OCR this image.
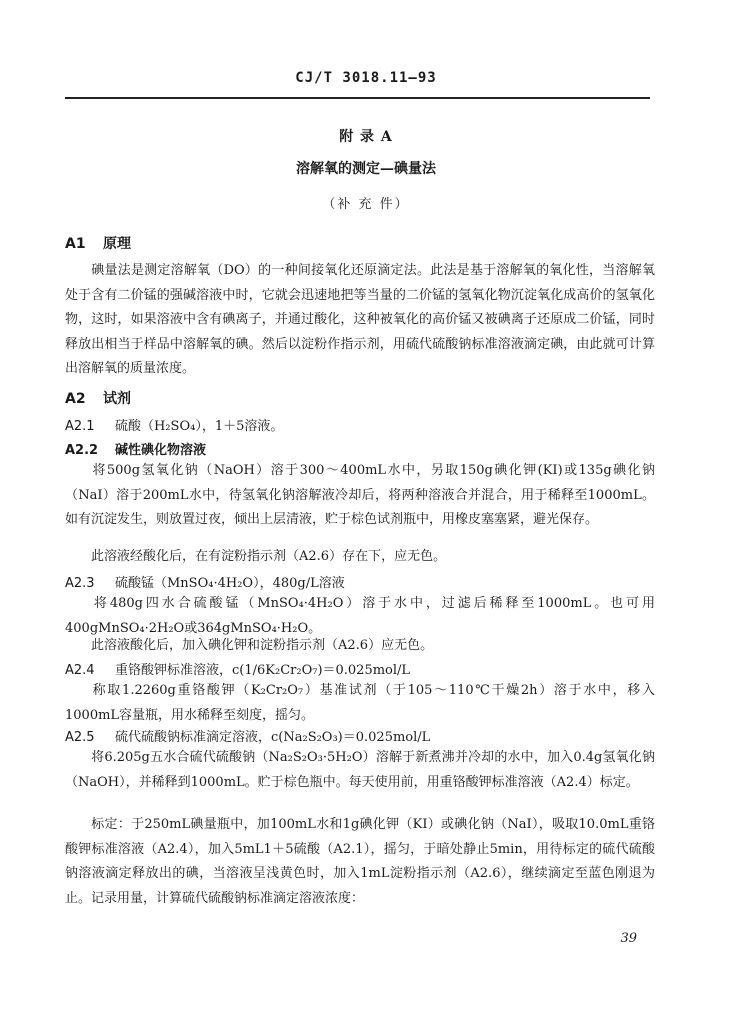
CJ/T 3018.11—93
附 录 A
溶解氧的测定—碘量法
（补 充 件）
A1 原理
碘量法是测定溶解氧（DO）的一种间接氧化还原滴定法。此法是基于溶解氧的氧化性，当溶解氧处于含有二价锰的强碱溶液中时，它就会迅速地把等当量的二价锰的氢氧化物沉淀氧化成高价的氢氧化物，这时，如果溶液中含有碘离子，并通过酸化，这种被氧化的高价锰又被碘离子还原成二价锰，同时释放出相当于样品中溶解氧的碘。然后以淀粉作指示剂，用硫代硫酸钠标准溶液滴定碘，由此就可计算出溶解氧的质量浓度。
A2 试剂
A2.1 硫酸（H₂SO₄），1＋5溶液。
A2.2 碱性碘化物溶液
将500g氢氧化钠（NaOH）溶于300～400mL水中，另取150g碘化钾(KI)或135g碘化钠（NaI）溶于200mL水中，待氢氧化钠溶解液冷却后，将两种溶液合并混合，用于稀释至1000mL。如有沉淀发生，则放置过夜，倾出上层清液，贮于棕色试剂瓶中，用橡皮塞塞紧，避光保存。
此溶液经酸化后，在有淀粉指示剂（A2.6）存在下，应无色。
A2.3 硫酸锰（MnSO₄·4H₂O），480g/L溶液
将480g四水合硫酸锰（MnSO₄·4H₂O）溶于水中，过滤后稀释至1000mL。也可用400gMnSO₄·2H₂O或364gMnSO₄·H₂O。
此溶液酸化后，加入碘化钾和淀粉指示剂（A2.6）应无色。
A2.4 重铬酸钾标准溶液，c(1/6K₂Cr₂O₇)＝0.025mol/L
称取1.2260g重铬酸钾（K₂Cr₂O₇）基准试剂（于105～110℃干燥2h）溶于水中，移入1000mL容量瓶，用水稀释至刻度，摇匀。
A2.5 硫代硫酸钠标准滴定溶液，c(Na₂S₂O₃)＝0.025mol/L
将6.205g五水合硫代硫酸钠（Na₂S₂O₃·5H₂O）溶解于新煮沸并冷却的水中，加入0.4g氢氧化钠（NaOH），并稀释到1000mL。贮于棕色瓶中。每天使用前，用重铬酸钾标准溶液（A2.4）标定。
标定：于250mL碘量瓶中，加100mL水和1g碘化钾（KI）或碘化钠（NaI），吸取10.0mL重铬酸钾标准溶液（A2.4），加入5mL1＋5硫酸（A2.1），摇匀，于暗处静止5min，用待标定的硫代硫酸钠溶液滴定释放出的碘，当溶液呈浅黄色时，加入1mL淀粉指示剂（A2.6），继续滴定至蓝色刚退为止。记录用量，计算硫代硫酸钠标准滴定溶液浓度：
39
